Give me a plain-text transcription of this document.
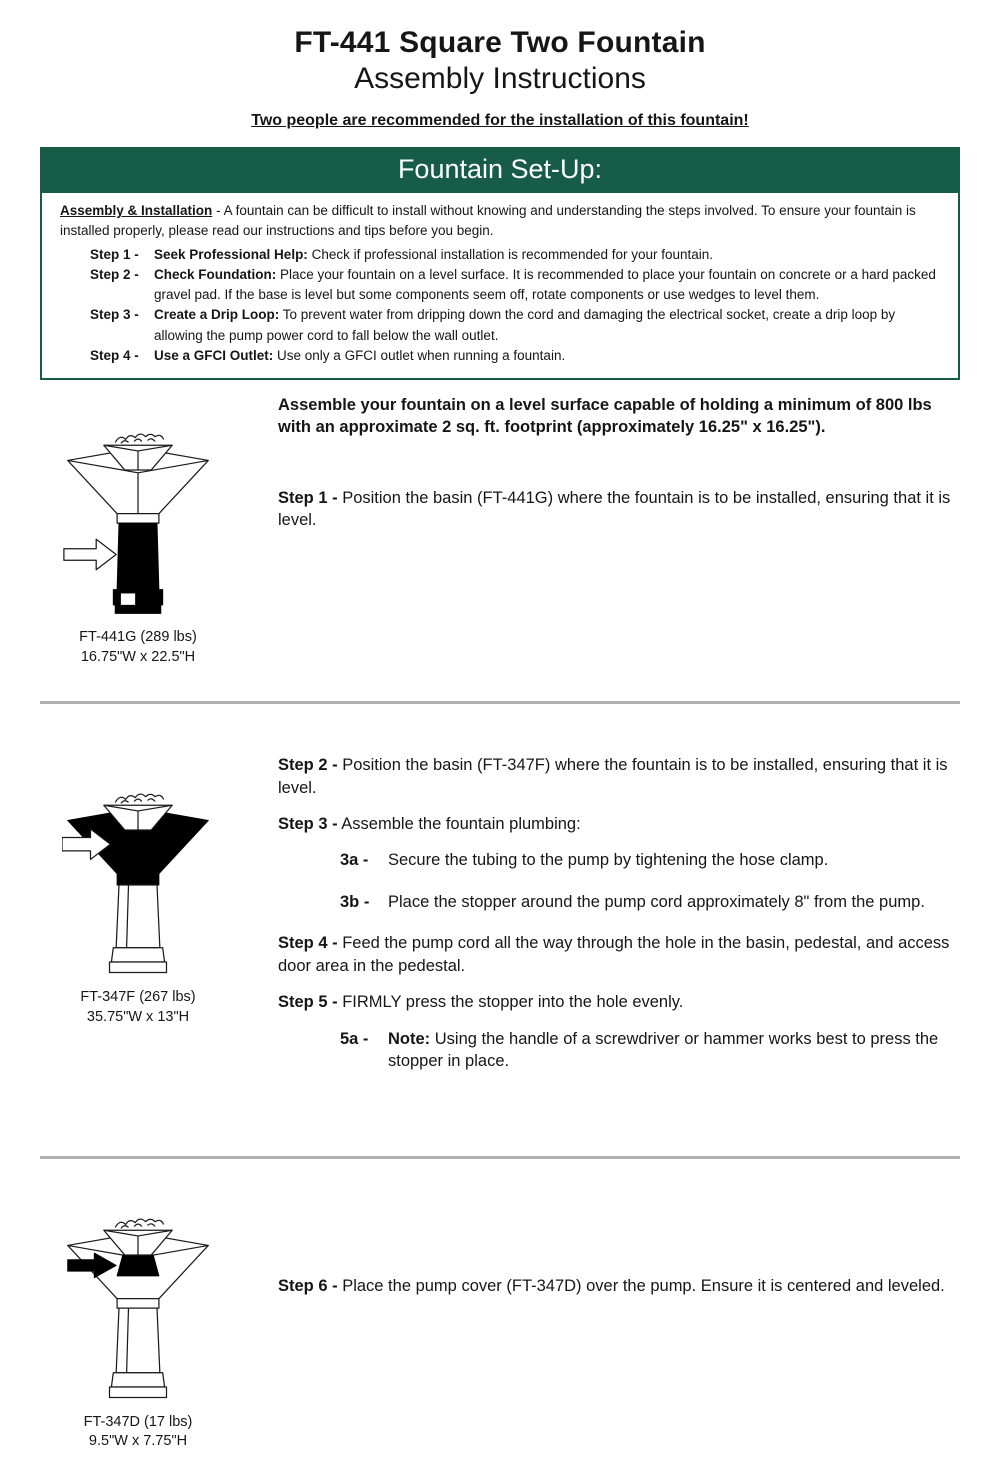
FT-441 Square Two Fountain
Assembly Instructions
Two people are recommended for the installation of this fountain!
Fountain Set-Up:

Assembly & Installation - A fountain can be difficult to install without knowing and understanding the steps involved. To ensure your fountain is installed properly, please read our instructions and tips before you begin.

Step 1 -	Seek Professional Help: Check if professional installation is recommended for your fountain.

Step 2 -	Check Foundation: Place your fountain on a level surface. It is recommended to place your fountain on concrete or a hard packed gravel pad. If the base is level but some components seem off, rotate components or use wedges to level them.

Step 3 -	Create a Drip Loop: To prevent water from dripping down the cord and damaging the electrical socket, create a drip loop by allowing the pump power cord to fall below the wall outlet.

Step 4 -	Use a GFCI Outlet: Use only a GFCI outlet when running a fountain.

FT-441G (289 lbs)
16.75"W x 22.5"H

Assemble your fountain on a level surface capable of holding a minimum of 800 lbs with an approximate 2 sq. ft. footprint (approximately 16.25" x 16.25").

Step 1 - Position the basin (FT-441G) where the fountain is to be installed, ensuring that it is level.

FT-347F (267 lbs)
35.75"W x 13"H

Step 2 - Position the basin (FT-347F) where the fountain is to be installed, ensuring that it is level.

Step 3 - Assemble the fountain plumbing:

3a -	Secure the tubing to the pump by tightening the hose clamp.

3b -	Place the stopper around the pump cord approximately 8" from the pump.

Step 4 - Feed the pump cord all the way through the hole in the basin, pedestal, and access door area in the pedestal.

Step 5 - FIRMLY press the stopper into the hole evenly.

5a -	Note: Using the handle of a screwdriver or hammer works best to press the stopper in place.

FT-347D (17 lbs)
9.5"W x 7.75"H

Step 6 - Place the pump cover (FT-347D) over the pump. Ensure it is centered and leveled.
